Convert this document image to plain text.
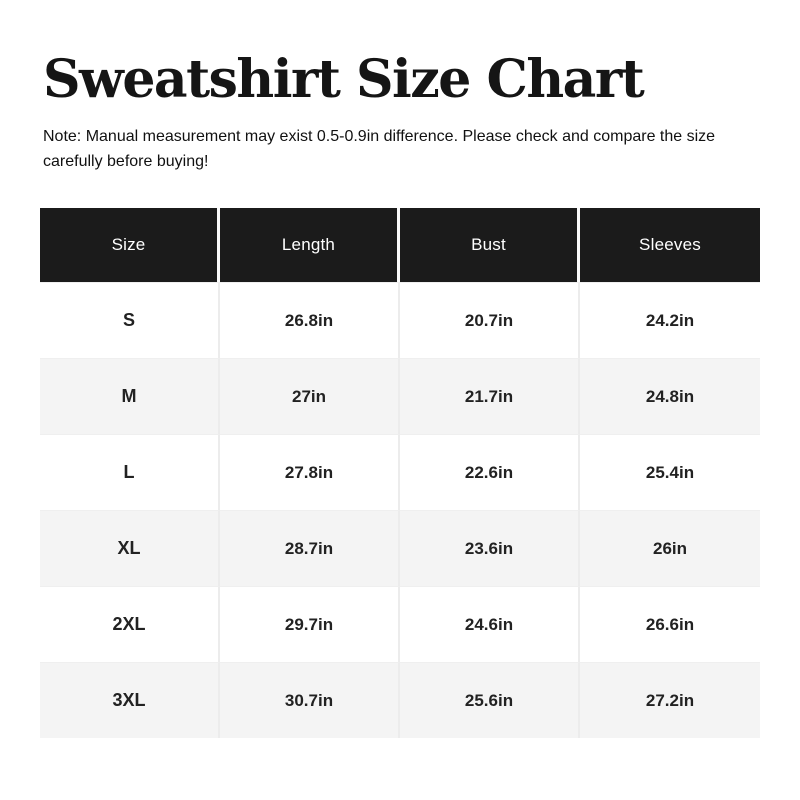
Sweatshirt Size Chart
Note: Manual measurement may exist 0.5-0.9in difference. Please check and compare the size
carefully before buying!
Size	Length	Bust	Sleeves
S	26.8in	20.7in	24.2in
M	27in	21.7in	24.8in
L	27.8in	22.6in	25.4in
XL	28.7in	23.6in	26in
2XL	29.7in	24.6in	26.6in
3XL	30.7in	25.6in	27.2in
